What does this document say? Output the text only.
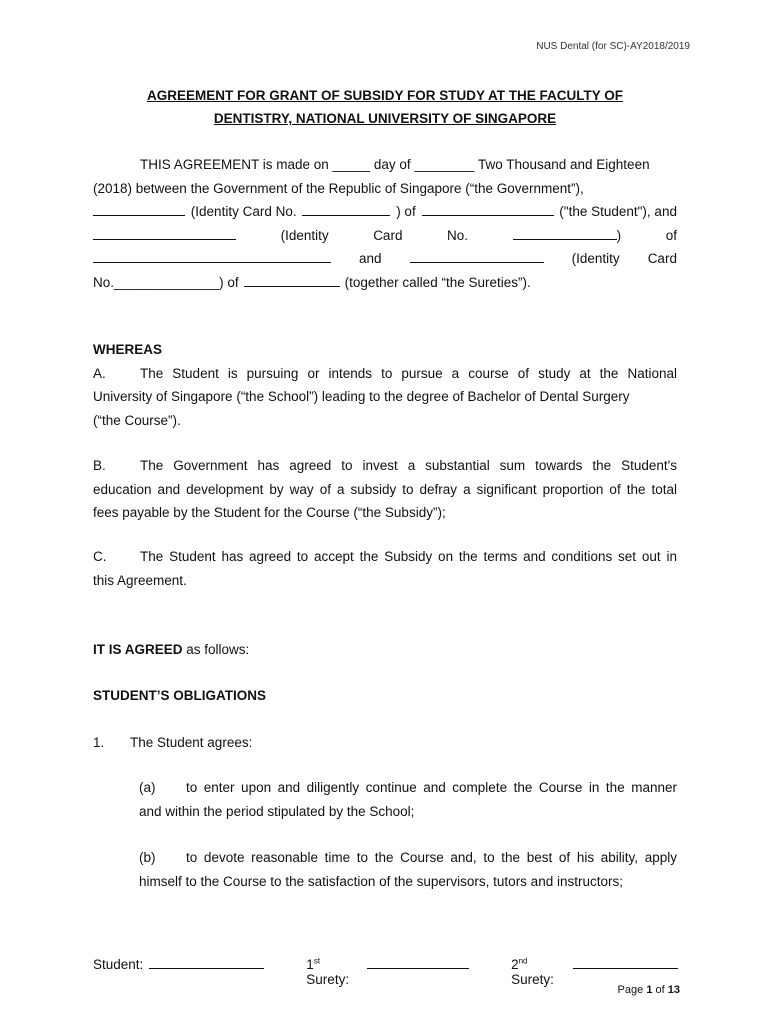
NUS Dental (for SC)-AY2018/2019
AGREEMENT FOR GRANT OF SUBSIDY FOR STUDY AT THE FACULTY OF
DENTISTRY, NATIONAL UNIVERSITY OF SINGAPORE
THIS AGREEMENT is made on _____ day of ________ Two Thousand and Eighteen
(2018) between the Government of the Republic of Singapore (“the Government”),
(Identity Card No.	) of	("the Student"), and
(Identity	Card	No.	)	of
and	(Identity Card
No.______________) of	(together called “the Sureties”).
WHEREAS
A.	The Student is pursuing or intends to pursue a course of study at the National
University of Singapore (“the School”) leading to the degree of Bachelor of Dental Surgery
(“the Course”).
B.	The Government has agreed to invest a substantial sum towards the Student's
education and development by way of a subsidy to defray a significant proportion of the total
fees payable by the Student for the Course (“the Subsidy”);
C.	The Student has agreed to accept the Subsidy on the terms and conditions set out in
this Agreement.
IT IS AGREED as follows:
STUDENT’S OBLIGATIONS
1. The Student agrees:
(a)	to enter upon and diligently continue and complete the Course in the manner
and within the period stipulated by the School;
(b)	to devote reasonable time to the Course and, to the best of his ability, apply
himself to the Course to the satisfaction of the supervisors, tutors and instructors;
Student:	1st Surety:
2nd Surety:
Page 1 of 13
